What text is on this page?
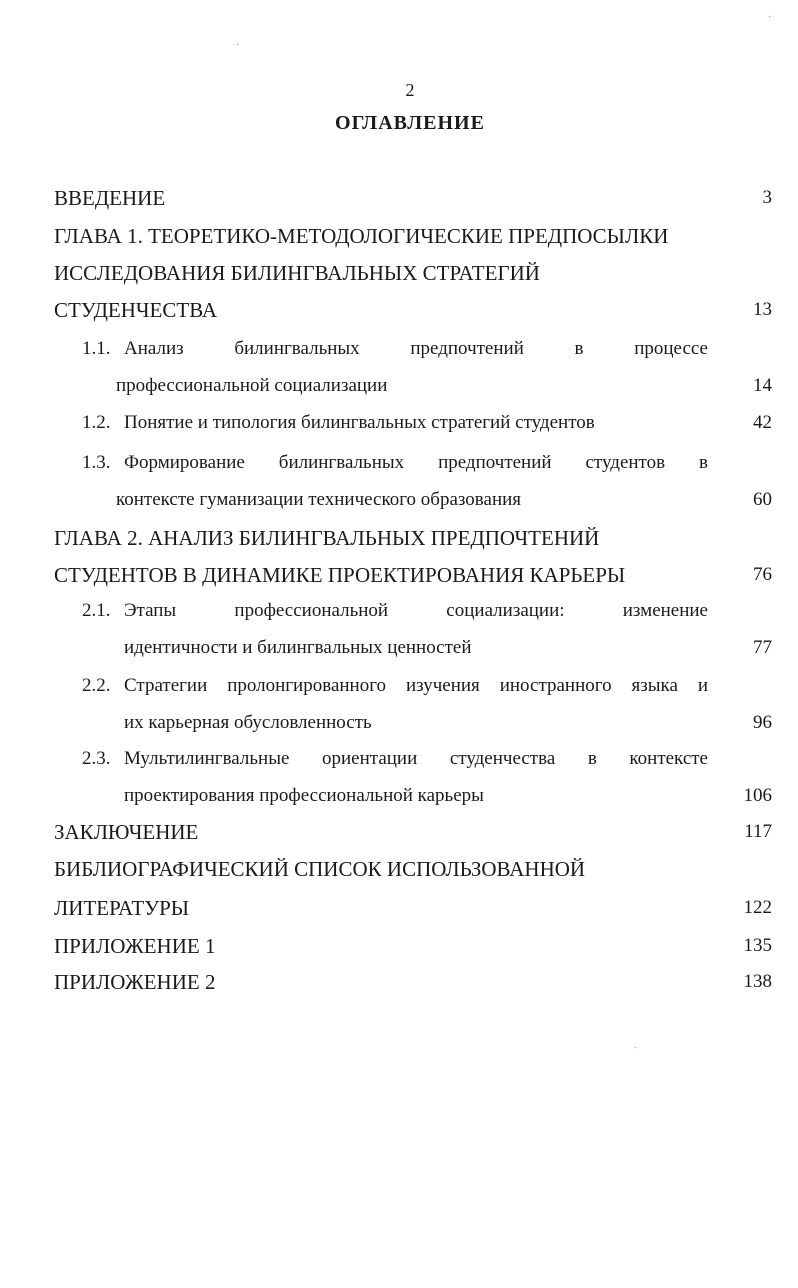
2
ОГЛАВЛЕНИЕ
ВВЕДЕНИЕ	3
ГЛАВА 1. ТЕОРЕТИКО-МЕТОДОЛОГИЧЕСКИЕ ПРЕДПОСЫЛКИ
ИССЛЕДОВАНИЯ БИЛИНГВАЛЬНЫХ СТРАТЕГИЙ
СТУДЕНЧЕСТВА	13
1.1. Анализ билингвальных предпочтений в процессе
профессиональной социализации	14
1.2. Понятие и типология билингвальных стратегий студентов	42
1.3. Формирование билингвальных предпочтений студентов в
контексте гуманизации технического образования	60
ГЛАВА 2. АНАЛИЗ БИЛИНГВАЛЬНЫХ ПРЕДПОЧТЕНИЙ
СТУДЕНТОВ В ДИНАМИКЕ ПРОЕКТИРОВАНИЯ КАРЬЕРЫ	76
2.1. Этапы профессиональной социализации: изменение
идентичности и билингвальных ценностей	77
2.2. Стратегии пролонгированного изучения иностранного языка и
их карьерная обусловленность	96
2.3. Мультилингвальные ориентации студенчества в контексте
проектирования профессиональной карьеры	106
ЗАКЛЮЧЕНИЕ	117
БИБЛИОГРАФИЧЕСКИЙ СПИСОК ИСПОЛЬЗОВАННОЙ
ЛИТЕРАТУРЫ	122
ПРИЛОЖЕНИЕ 1	135
ПРИЛОЖЕНИЕ 2	138
·
·
ˏ
